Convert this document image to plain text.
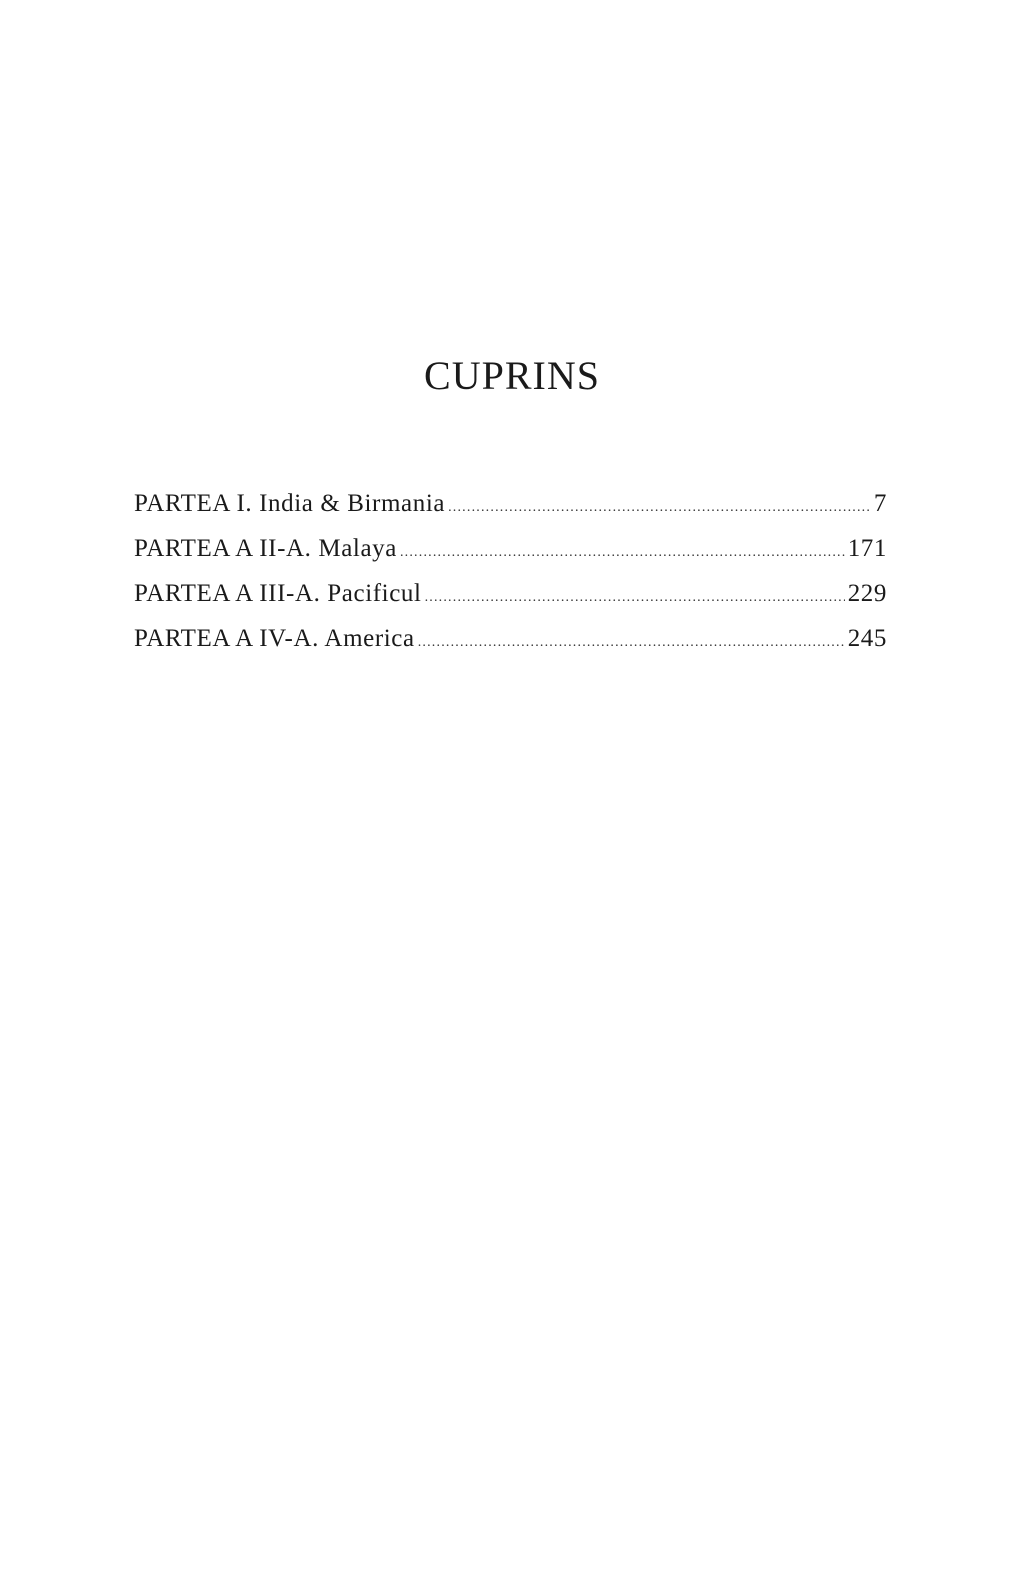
CUPRINS
PARTEA I. India & Birmania .....	7
PARTEA A II-A. Malaya .....	171
PARTEA A III-A. Pacificul .....	229
PARTEA A IV-A. America .....	245
